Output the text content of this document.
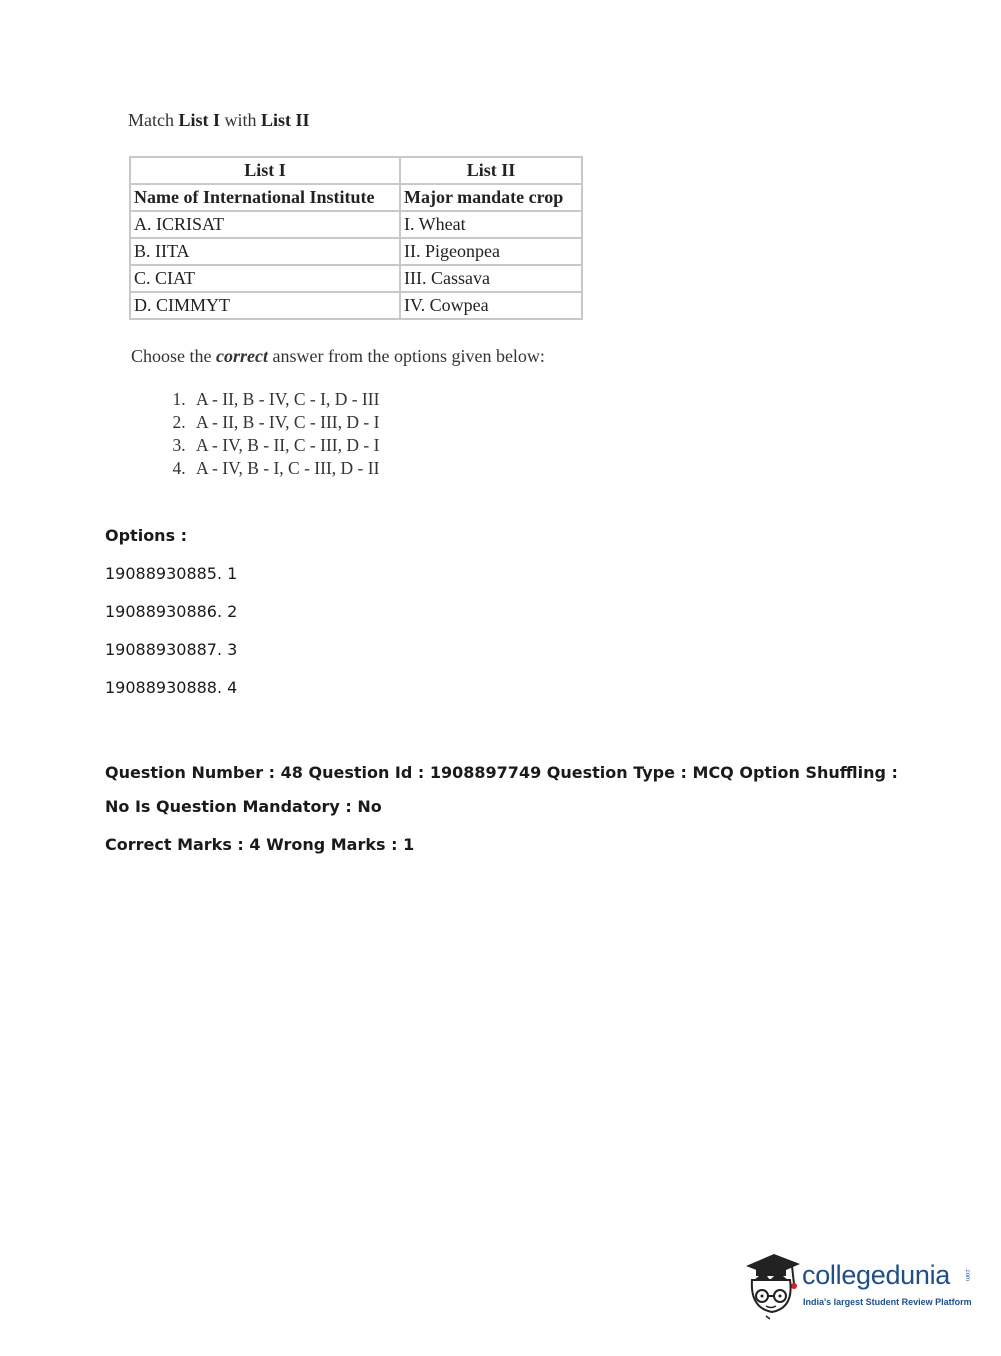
Match List I with List II

List I	List II
Name of International Institute	Major mandate crop
A. ICRISAT	I. Wheat
B. IITA	II. Pigeonpea
C. CIAT	III. Cassava
D. CIMMYT	IV. Cowpea

Choose the correct answer from the options given below:

1. A - II, B - IV, C - I, D - III
2. A - II, B - IV, C - III, D - I
3. A - IV, B - II, C - III, D - I
4. A - IV, B - I, C - III, D - II
Options :
19088930885. 1
19088930886. 2
19088930887. 3
19088930888. 4
Question Number : 48 Question Id : 1908897749 Question Type : MCQ Option Shuffling : No Is Question Mandatory : No
Correct Marks : 4 Wrong Marks : 1
collegedunia .com
India's largest Student Review Platform
